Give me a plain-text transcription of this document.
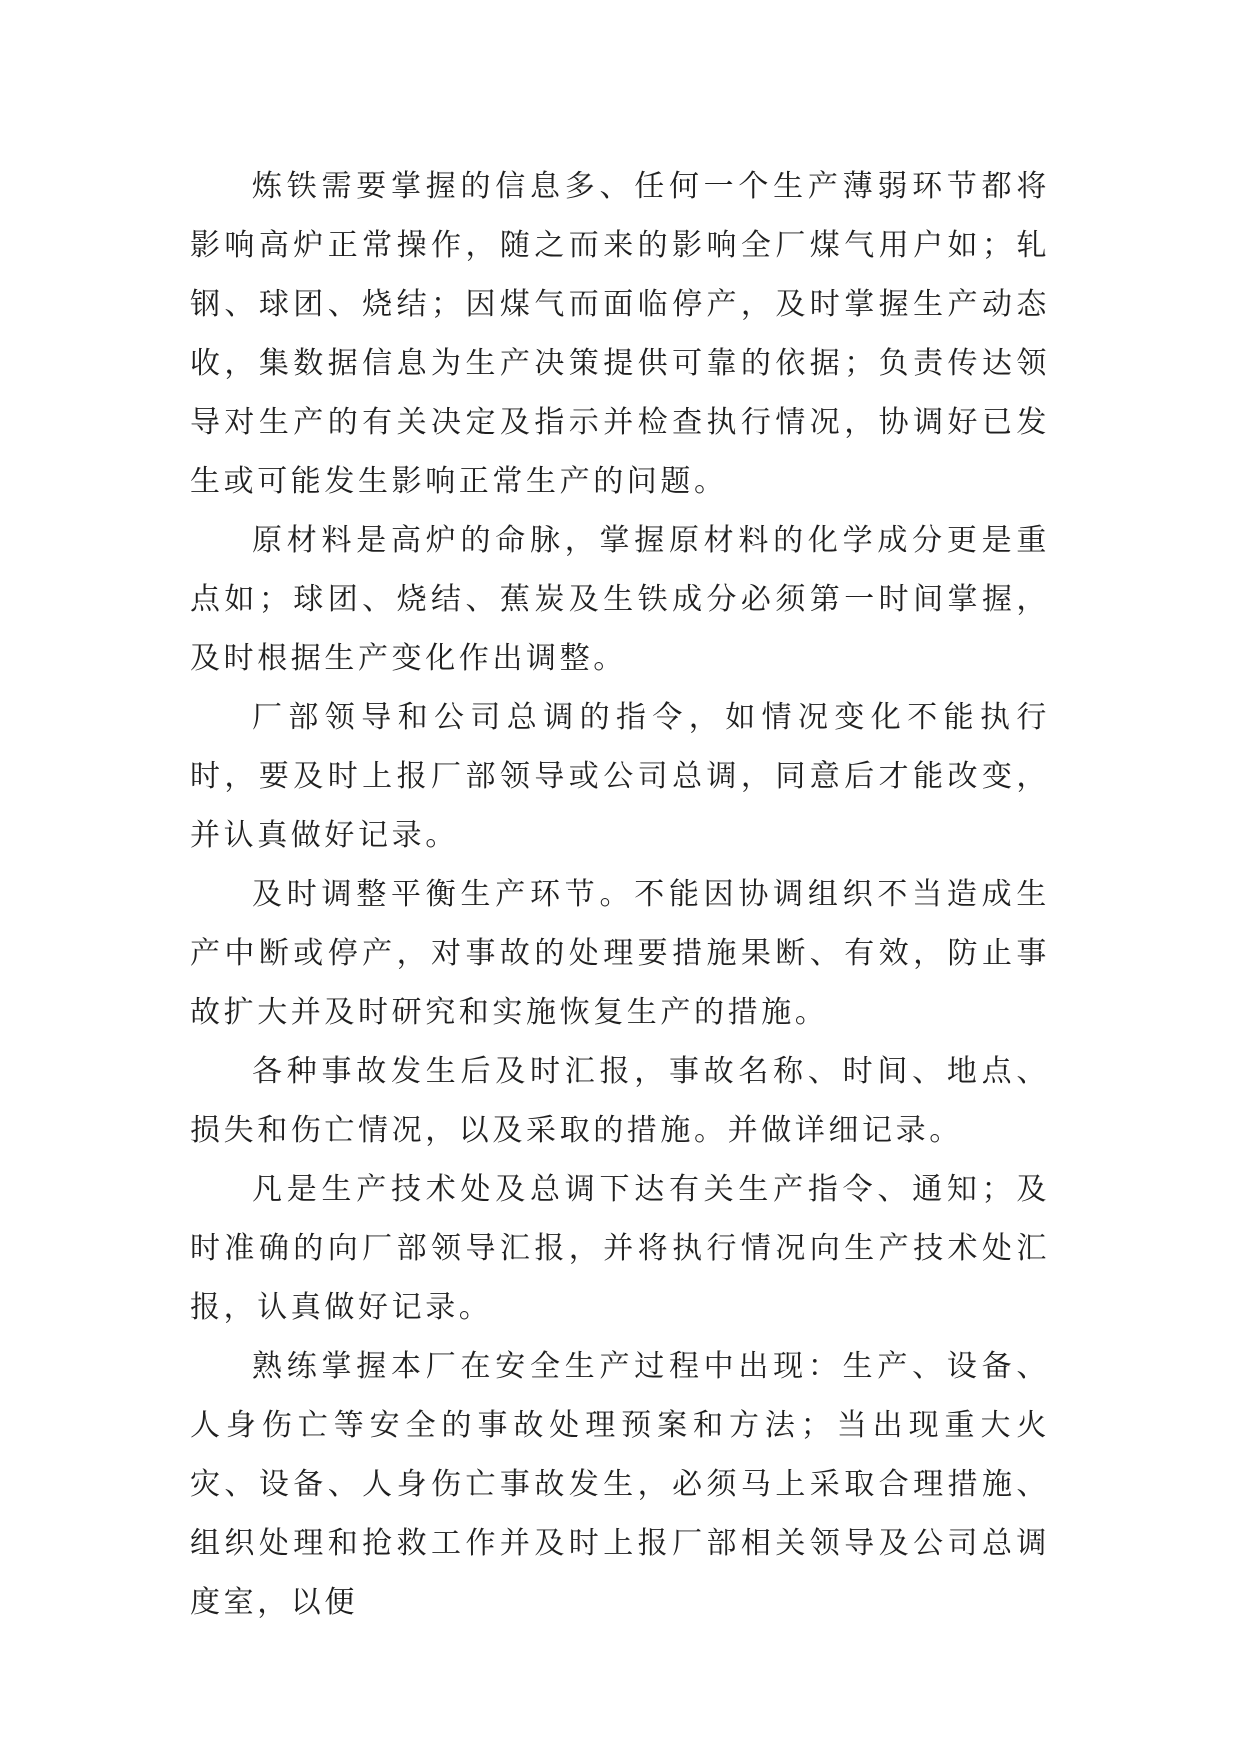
炼铁需要掌握的信息多、任何一个生产薄弱环节都将影响高炉正常操作，随之而来的影响全厂煤气用户如；轧钢、球团、烧结；因煤气而面临停产，及时掌握生产动态收，集数据信息为生产决策提供可靠的依据；负责传达领导对生产的有关决定及指示并检查执行情况，协调好已发生或可能发生影响正常生产的问题。

原材料是高炉的命脉，掌握原材料的化学成分更是重点如；球团、烧结、蕉炭及生铁成分必须第一时间掌握，及时根据生产变化作出调整。

厂部领导和公司总调的指令，如情况变化不能执行时，要及时上报厂部领导或公司总调，同意后才能改变，并认真做好记录。

及时调整平衡生产环节。不能因协调组织不当造成生产中断或停产，对事故的处理要措施果断、有效，防止事故扩大并及时研究和实施恢复生产的措施。

各种事故发生后及时汇报，事故名称、时间、地点、损失和伤亡情况，以及采取的措施。并做详细记录。

凡是生产技术处及总调下达有关生产指令、通知；及时准确的向厂部领导汇报，并将执行情况向生产技术处汇报，认真做好记录。

熟练掌握本厂在安全生产过程中出现：生产、设备、人身伤亡等安全的事故处理预案和方法；当出现重大火灾、设备、人身伤亡事故发生，必须马上采取合理措施、组织处理和抢救工作并及时上报厂部相关领导及公司总调度室，以便
